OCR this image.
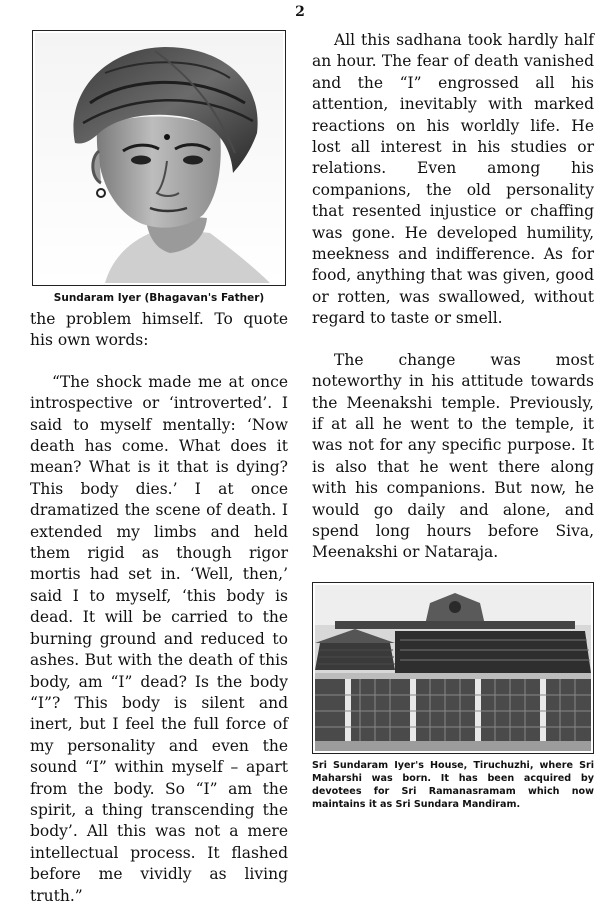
2

Sundaram Iyer (Bhagavan's Father)

the problem himself. To quote his own words:

“The shock made me at once introspective or ‘introverted’. I said to myself mentally: ‘Now death has come. What does it mean? What is it that is dying? This body dies.’ I at once dramatized the scene of death. I extended my limbs and held them rigid as though rigor mortis had set in. ‘Well, then,’ said I to myself, ‘this body is dead. It will be carried to the burning ground and reduced to ashes. But with the death of this body, am “I” dead? Is the body “I”? This body is silent and inert, but I feel the full force of my personality and even the sound “I” within myself – apart from the body. So “I” am the spirit, a thing transcending the body’. All this was not a mere intellectual process. It flashed before me vividly as living truth.”

All this sadhana took hardly half an hour. The fear of death vanished and the “I” engrossed all his attention, inevitably with marked reactions on his worldly life. He lost all interest in his studies or relations. Even among his companions, the old personality that resented injustice or chaffing was gone. He developed humility, meekness and indifference. As for food, anything that was given, good or rotten, was swallowed, without regard to taste or smell.

The change was most noteworthy in his attitude towards the Meenakshi temple. Previously, if at all he went to the temple, it was not for any specific purpose. It is also that he went there along with his companions. But now, he would go daily and alone, and spend long hours before Siva, Meenakshi or Nataraja.

Sri Sundaram Iyer's House, Tiruchuzhi, where Sri Maharshi was born. It has been acquired by devotees for Sri Ramanasramam which now maintains it as Sri Sundara Mandiram.
